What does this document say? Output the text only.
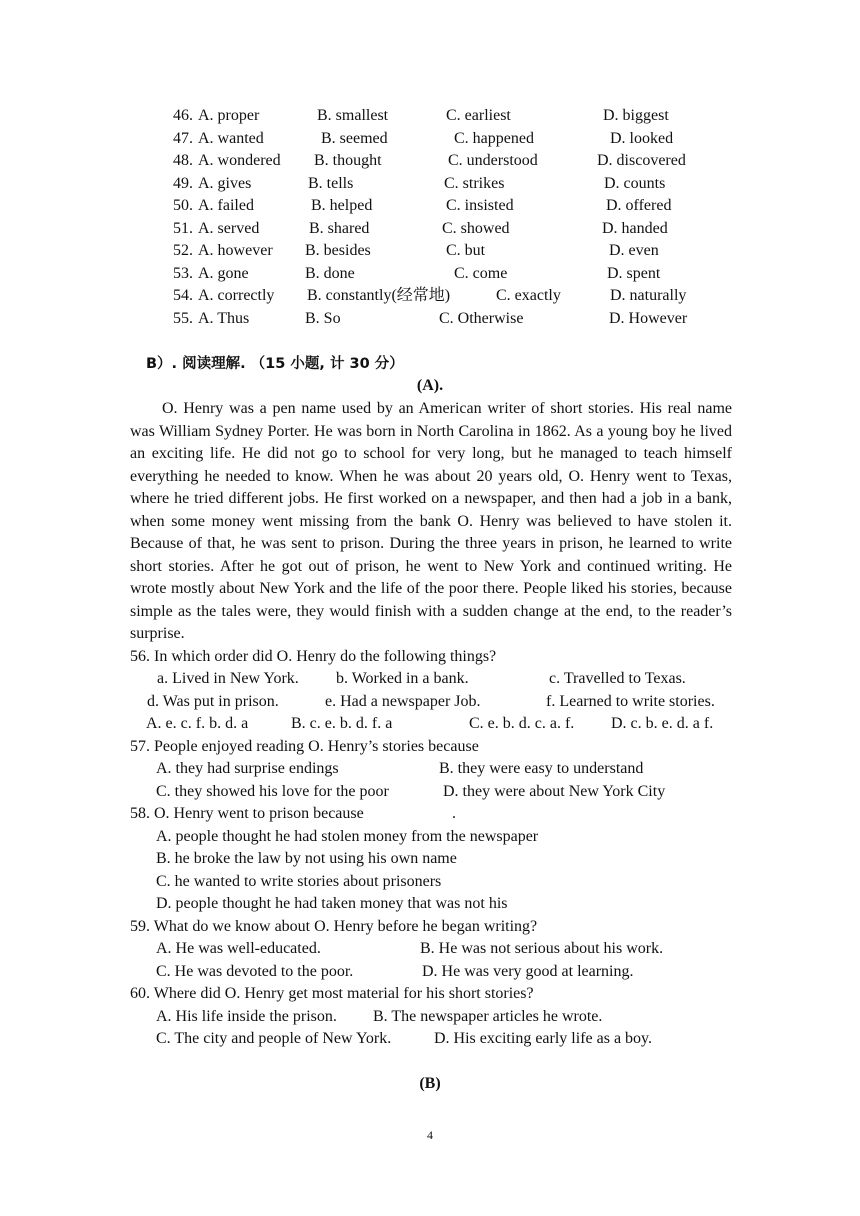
46. A. proper	B. smallest	C. earliest	D. biggest
47. A. wanted	B. seemed	C. happened	D. looked
48. A. wondered B. thought	C. understood	D. discovered
49. A. gives	B. tells	C. strikes	D. counts
50. A. failed	B. helped	C. insisted	D. offered
51. A. served	B. shared	C. showed	D. handed
52. A. however B. besides	C. but	D. even
53. A. gone	B. done	C. come	D. spent
54. A. correctly B. constantly(经常地)	C. exactly	D. naturally
55. A. Thus	B. So	C. Otherwise	D. However
B）. 阅读理解. （15 小题, 计 30 分）
(A).

O. Henry was a pen name used by an American writer of short stories. His real name was William Sydney Porter. He was born in North Carolina in 1862. As a young boy he lived an exciting life. He did not go to school for very long, but he managed to teach himself everything he needed to know. When he was about 20 years old, O. Henry went to Texas, where he tried different jobs. He first worked on a newspaper, and then had a job in a bank, when some money went missing from the bank O. Henry was believed to have stolen it. Because of that, he was sent to prison. During the three years in prison, he learned to write short stories. After he got out of prison, he went to New York and continued writing. He wrote mostly about New York and the life of the poor there. People liked his stories, because simple as the tales were, they would finish with a sudden change at the end, to the reader’s surprise.

56. In which order did O. Henry do the following things?
a. Lived in New York. b. Worked in a bank.	c. Travelled to Texas.
d. Was put in prison.	e. Had a newspaper Job.	f. Learned to write stories.
A. e. c. f. b. d. a	B. c. e. b. d. f. a	C. e. b. d. c. a. f. D. c. b. e. d. a f.
57. People enjoyed reading O. Henry’s stories because
A. they had surprise endings	B. they were easy to understand
C. they showed his love for the poor	D. they were about New York City
58. O. Henry went to prison because	.
A. people thought he had stolen money from the newspaper
B. he broke the law by not using his own name
C. he wanted to write stories about prisoners
D. people thought he had taken money that was not his
59. What do we know about O. Henry before he began writing?
A. He was well-educated.	B. He was not serious about his work.
C. He was devoted to the poor.	D. He was very good at learning.
60. Where did O. Henry get most material for his short stories?
A. His life inside the prison. B. The newspaper articles he wrote.
C. The city and people of New York.	D. His exciting early life as a boy.
(B)
4
